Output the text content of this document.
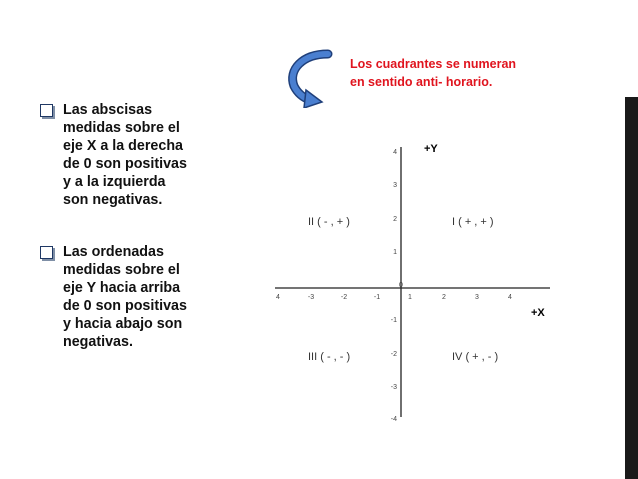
Los cuadrantes se numeran
en sentido anti- horario.
Las abscisas
medidas sobre el
eje X a la derecha
de 0 son positivas
y a la izquierda
son negativas.
Las ordenadas
medidas sobre el
eje Y hacia arriba
de 0 son positivas
y hacia abajo son
negativas.
+Y
+X
4	-3	-2	-1
0
1	2	3	4
4
3
2
1
-1
-2
-3
-4
II ( - , + )	I ( + , + )
III ( - , - )	IV ( + , - )
